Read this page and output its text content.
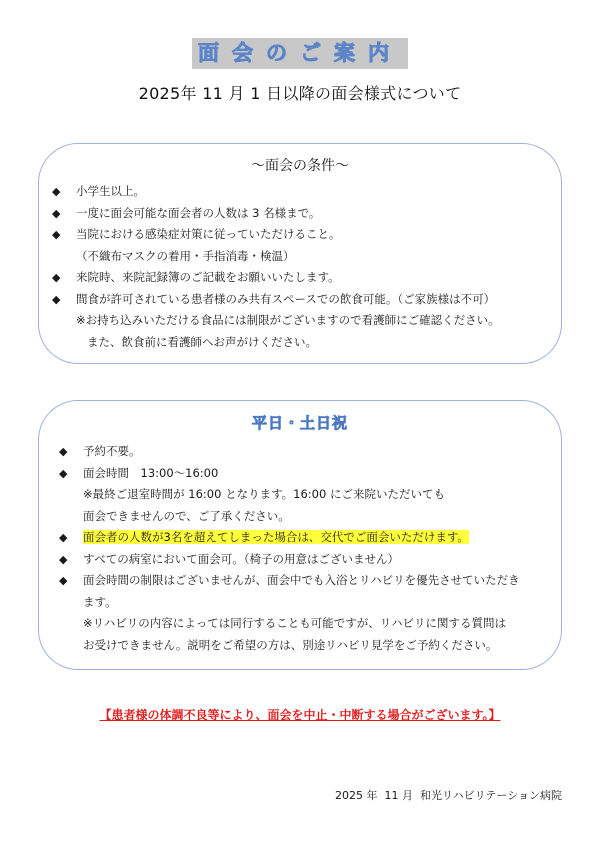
面会のご案内
2025年 11 月 1 日以降の面会様式について
～面会の条件～
◆ 小学生以上。
◆ 一度に面会可能な面会者の人数は 3 名様まで。
◆ 当院における感染症対策に従っていただけること。
（不織布マスクの着用・手指消毒・検温）
◆ 来院時、来院記録簿のご記載をお願いいたします。
◆ 間食が許可されている患者様のみ共有スペースでの飲食可能。（ご家族様は不可）
※お持ち込みいただける食品には制限がございますので看護師にご確認ください。
また、飲食前に看護師へお声がけください。
平日・土日祝
◆ 予約不要。
◆ 面会時間　13:00～16:00
※最終ご退室時間が 16:00 となります。16:00 にご来院いただいても
面会できませんので、ご了承ください。
◆ 面会者の人数が3名を超えてしまった場合は、交代でご面会いただけます。
◆ すべての病室において面会可。（椅子の用意はございません）
◆ 面会時間の制限はございませんが、面会中でも入浴とリハビリを優先させていただき
ます。
※リハビリの内容によっては同行することも可能ですが、リハビリに関する質問は
お受けできません。説明をご希望の方は、別途リハビリ見学をご予約ください。
【患者様の体調不良等により、面会を中止・中断する場合がございます。】
2025 年  11 月  和光リハビリテーション病院
